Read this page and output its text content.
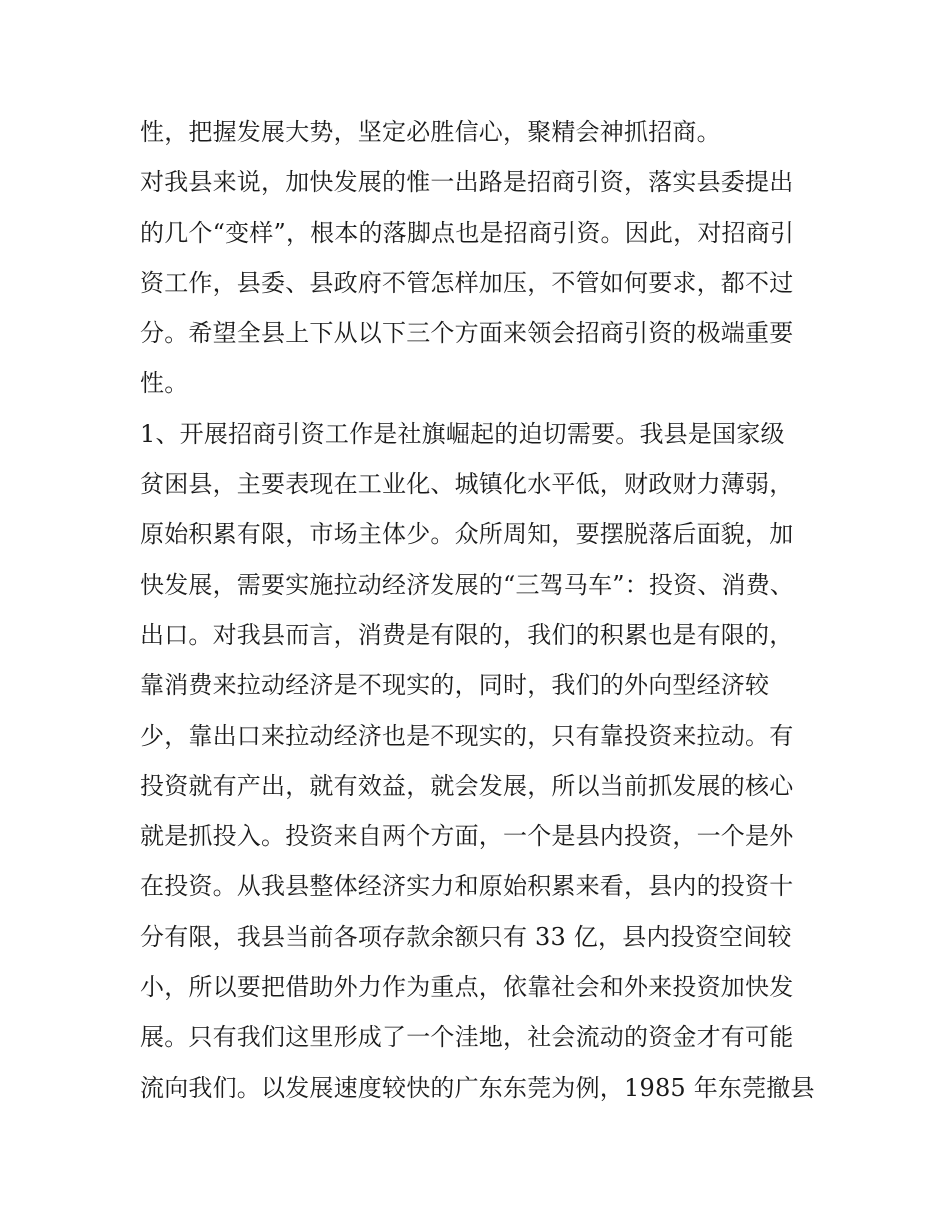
性，把握发展大势，坚定必胜信心，聚精会神抓招商。
对我县来说，加快发展的惟一出路是招商引资，落实县委提出
的几个“变样”，根本的落脚点也是招商引资。因此，对招商引
资工作，县委、县政府不管怎样加压，不管如何要求，都不过
分。希望全县上下从以下三个方面来领会招商引资的极端重要
性。
1、开展招商引资工作是社旗崛起的迫切需要。我县是国家级
贫困县，主要表现在工业化、城镇化水平低，财政财力薄弱，
原始积累有限，市场主体少。众所周知，要摆脱落后面貌，加
快发展，需要实施拉动经济发展的“三驾马车”：投资、消费、
出口。对我县而言，消费是有限的，我们的积累也是有限的，
靠消费来拉动经济是不现实的，同时，我们的外向型经济较
少，靠出口来拉动经济也是不现实的，只有靠投资来拉动。有
投资就有产出，就有效益，就会发展，所以当前抓发展的核心
就是抓投入。投资来自两个方面，一个是县内投资，一个是外
在投资。从我县整体经济实力和原始积累来看，县内的投资十
分有限，我县当前各项存款余额只有 33 亿，县内投资空间较
小，所以要把借助外力作为重点，依靠社会和外来投资加快发
展。只有我们这里形成了一个洼地，社会流动的资金才有可能
流向我们。以发展速度较快的广东东莞为例，1985 年东莞撤县
